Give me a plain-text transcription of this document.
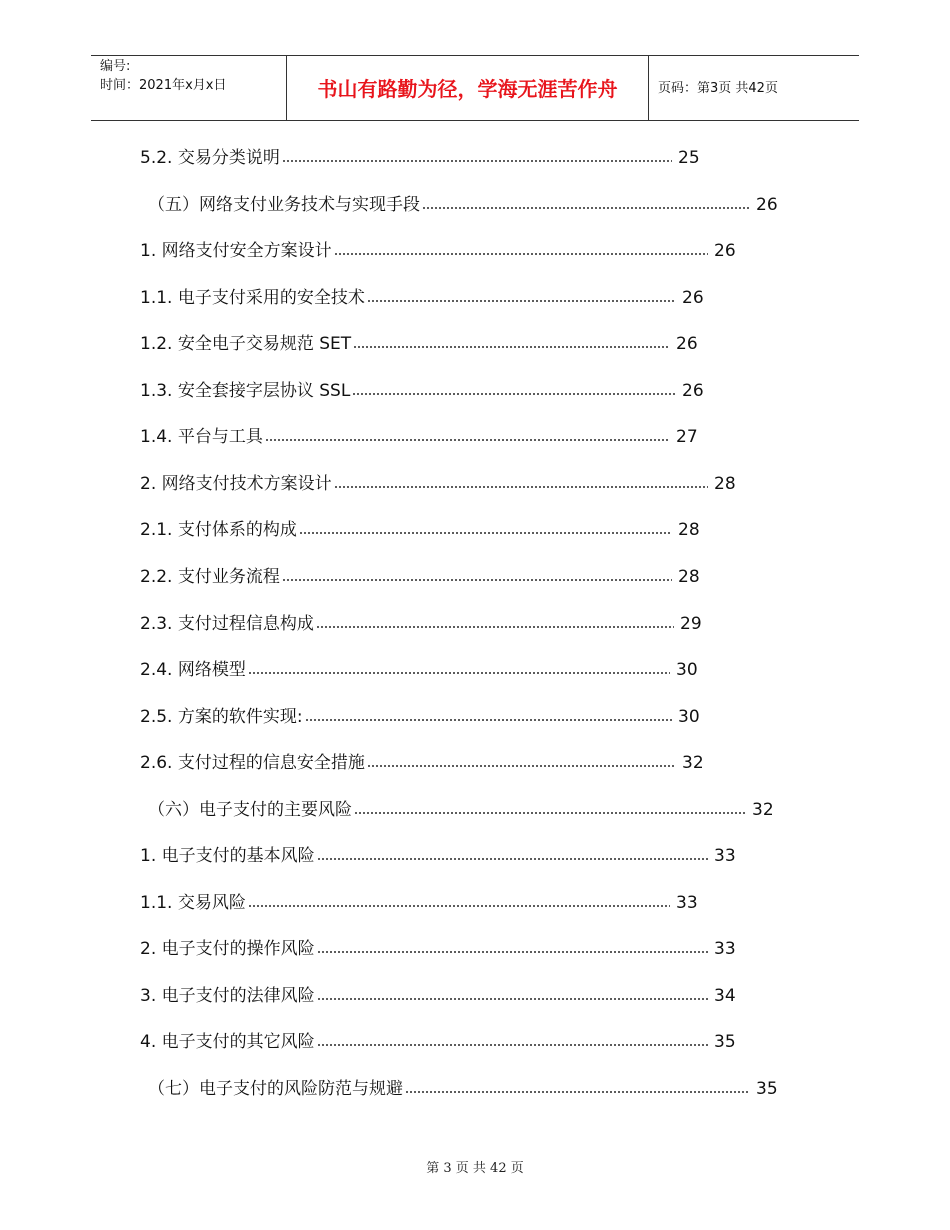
编号:
时间：2021年x月x日	书山有路勤为径，学海无涯苦作舟	页码：第3页 共42页
5.2. 交易分类说明	25
（五）网络支付业务技术与实现手段	26
1. 网络支付安全方案设计	26
1.1. 电子支付采用的安全技术	26
1.2. 安全电子交易规范 SET	26
1.3. 安全套接字层协议 SSL	26
1.4. 平台与工具	27
2. 网络支付技术方案设计	28
2.1. 支付体系的构成	28
2.2. 支付业务流程	28
2.3. 支付过程信息构成	29
2.4. 网络模型	30
2.5. 方案的软件实现:	30
2.6. 支付过程的信息安全措施	32
（六）电子支付的主要风险	32
1. 电子支付的基本风险	33
1.1. 交易风险	33
2. 电子支付的操作风险	33
3. 电子支付的法律风险	34
4. 电子支付的其它风险	35
（七）电子支付的风险防范与规避	35
第 3 页 共 42 页
